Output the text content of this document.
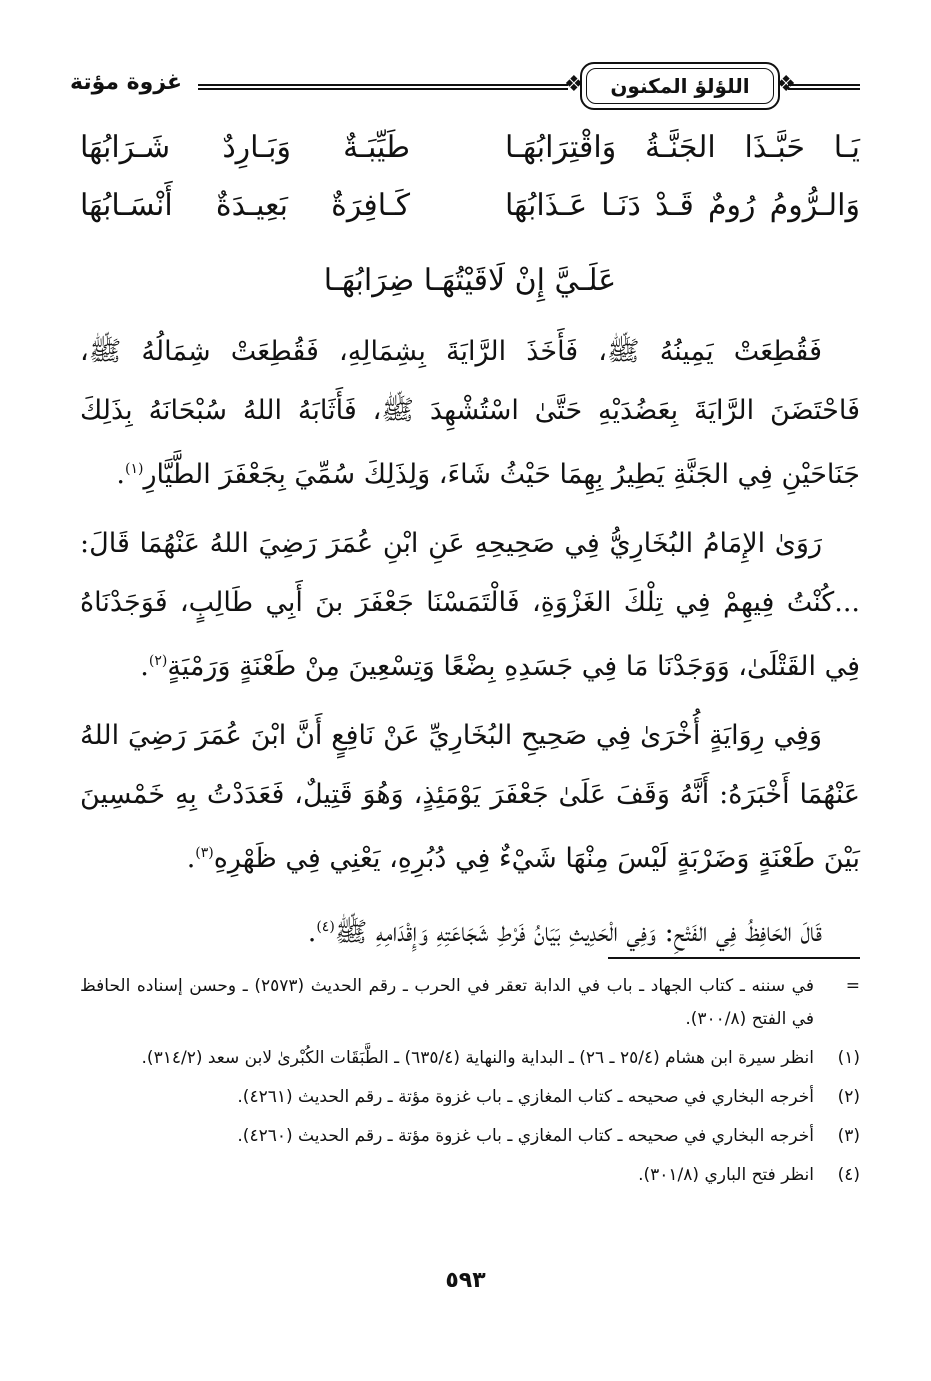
غزوة مؤتة	❖ اللؤلؤ المكنون ❖
يَـا حَبَّـذَا الجَنَّـةُ وَاقْتِرَابُهَـا
طَيِّبَـةٌ وَبَـارِدٌ شَـرَابُهَا
وَالـرُّومُ رُومٌ قَـدْ دَنَـا عَـذَابُهَا
كَـافِرَةٌ بَعِيـدَةٌ أَنْسَـابُهَا
عَلَـيَّ إِنْ لَاقَيْتُهَـا ضِرَابُهَـا

فَقُطِعَتْ يَمِينُهُ ﷺ، فَأَخَذَ الرَّايَةَ بِشِمَالِهِ، فَقُطِعَتْ شِمَالُهُ ﷺ، فَاحْتَضَنَ الرَّايَةَ بِعَضُدَيْهِ حَتَّىٰ اسْتُشْهِدَ ﷺ، فَأَثَابَهُ اللهُ سُبْحَانَهُ بِذَلِكَ جَنَاحَيْنِ فِي الجَنَّةِ يَطِيرُ بِهِمَا حَيْثُ شَاءَ، وَلِذَلِكَ سُمِّيَ بِجَعْفَرَ الطَّيَّارِ$^{(١)}$.

رَوَىٰ الإِمَامُ البُخَارِيُّ فِي صَحِيحِهِ عَنِ ابْنِ عُمَرَ رَضِيَ اللهُ عَنْهُمَا قَالَ: ...كُنْتُ فِيهِمْ فِي تِلْكَ الغَزْوَةِ، فَالْتَمَسْنَا جَعْفَرَ بنَ أَبِي طَالِبٍ، فَوَجَدْنَاهُ فِي القَتْلَىٰ، وَوَجَدْنَا مَا فِي جَسَدِهِ بِضْعًا وَتِسْعِينَ مِنْ طَعْنَةٍ وَرَمْيَةٍ$^{(٢)}$.

وَفِي رِوَايَةٍ أُخْرَىٰ فِي صَحِيحِ البُخَارِيِّ عَنْ نَافِعٍ أَنَّ ابْنَ عُمَرَ رَضِيَ اللهُ عَنْهُمَا أَخْبَرَهُ: أَنَّهُ وَقَفَ عَلَىٰ جَعْفَرَ يَوْمَئِذٍ، وَهُوَ قَتِيلٌ، فَعَدَدْتُ بِهِ خَمْسِينَ بَيْنَ طَعْنَةٍ وَضَرْبَةٍ لَيْسَ مِنْهَا شَيْءٌ فِي دُبُرِهِ، يَعْنِي فِي ظَهْرِهِ$^{(٣)}$.

قَالَ الحَافِظُ فِي الفَتْحِ: وَفِي الْحَدِيثِ بَيَانُ فَرْطِ شَجَاعَتِهِ وَإِقْدَامِهِ ﷺ$^{(٤)}$.

=
في سننه ـ كتاب الجهاد ـ باب في الدابة تعقر في الحرب ـ رقم الحديث (٢٥٧٣) ـ وحسن إسناده الحافظ في الفتح (٣٠٠/٨).
(١)
انظر سيرة ابن هشام (٢٥/٤ ـ ٢٦) ـ البداية والنهاية (٦٣٥/٤) ـ الطَّبَقَات الكُبْرىٰ لابن سعد (٣١٤/٢).
(٢)
أخرجه البخاري في صحيحه ـ كتاب المغازي ـ باب غزوة مؤتة ـ رقم الحديث (٤٢٦١).
(٣)
أخرجه البخاري في صحيحه ـ كتاب المغازي ـ باب غزوة مؤتة ـ رقم الحديث (٤٢٦٠).
(٤)
انظر فتح الباري (٣٠١/٨).
٥٩٣
